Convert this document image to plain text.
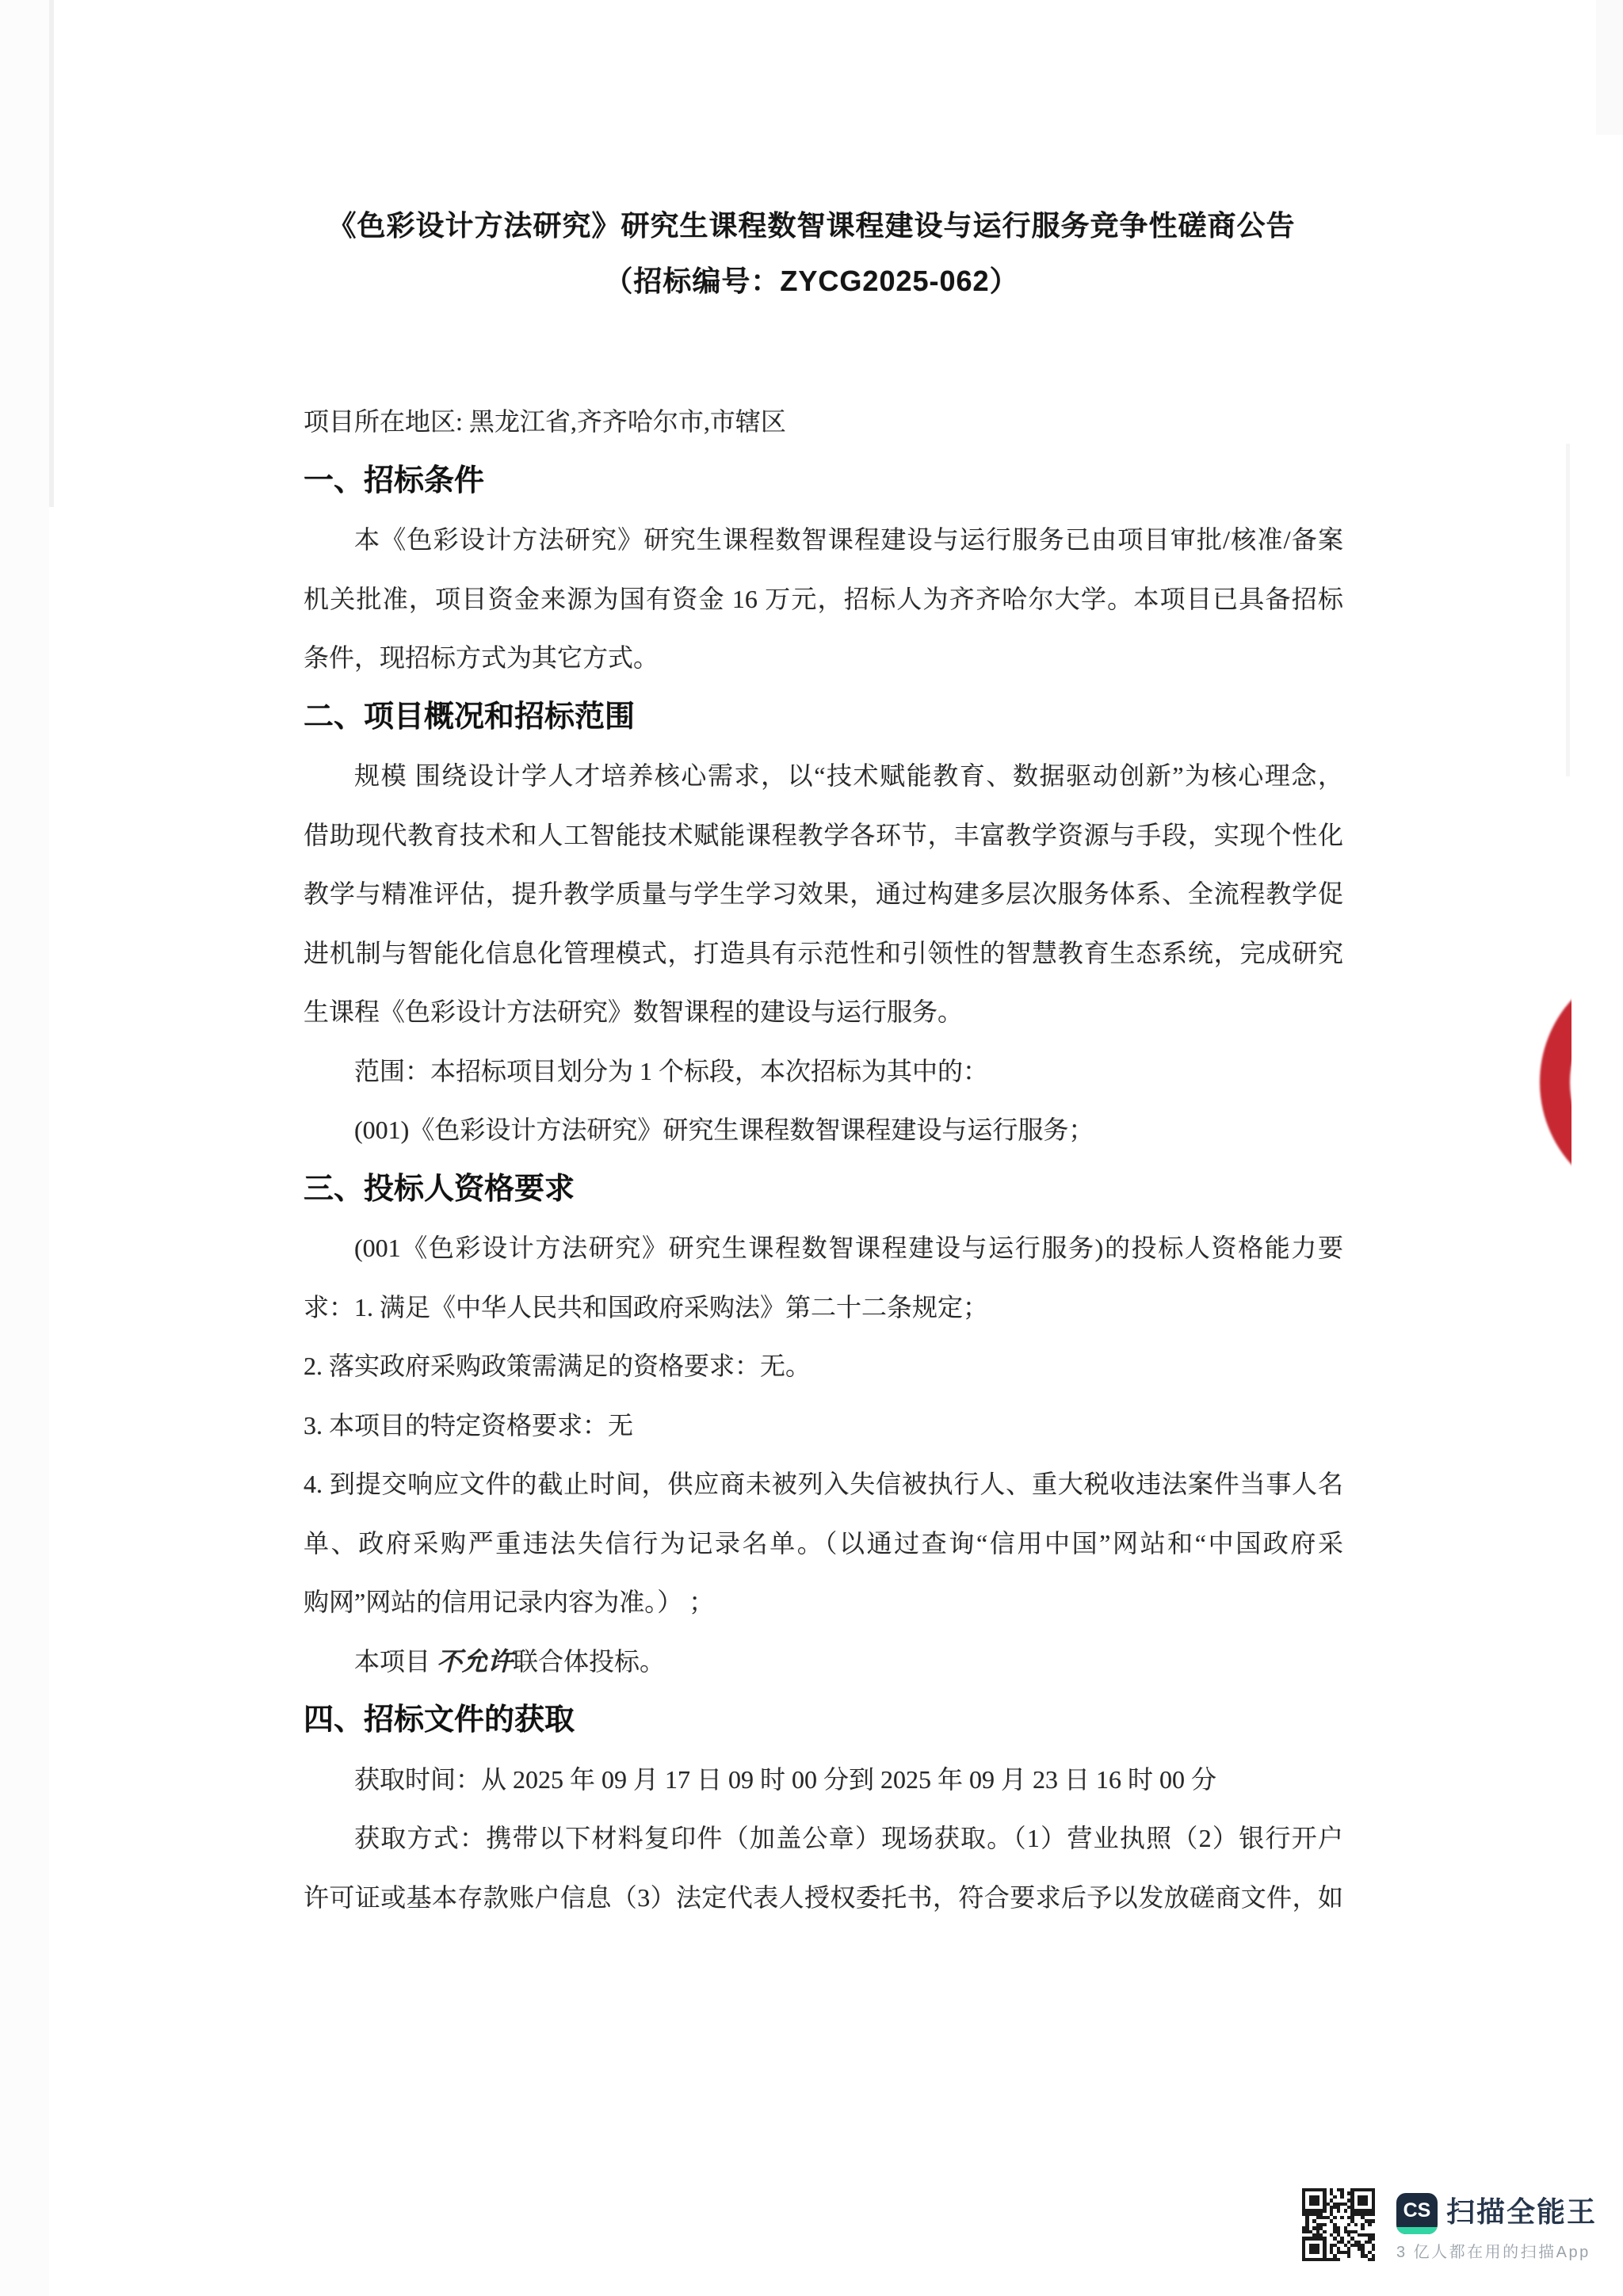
《色彩设计方法研究》研究生课程数智课程建设与运行服务竞争性磋商公告
（招标编号：ZYCG2025-062）
项目所在地区: 黑龙江省,齐齐哈尔市,市辖区
一、招标条件
本《色彩设计方法研究》研究生课程数智课程建设与运行服务已由项目审批/核准/备案
机关批准，项目资金来源为国有资金 16 万元，招标人为齐齐哈尔大学。本项目已具备招标
条件，现招标方式为其它方式。
二、项目概况和招标范围
规模 围绕设计学人才培养核心需求，以“技术赋能教育、数据驱动创新”为核心理念，
借助现代教育技术和人工智能技术赋能课程教学各环节，丰富教学资源与手段，实现个性化
教学与精准评估，提升教学质量与学生学习效果，通过构建多层次服务体系、全流程教学促
进机制与智能化信息化管理模式，打造具有示范性和引领性的智慧教育生态系统，完成研究
生课程《色彩设计方法研究》数智课程的建设与运行服务。
范围：本招标项目划分为 1 个标段，本次招标为其中的：
(001)《色彩设计方法研究》研究生课程数智课程建设与运行服务；
三、投标人资格要求
(001《色彩设计方法研究》研究生课程数智课程建设与运行服务)的投标人资格能力要
求：1. 满足《中华人民共和国政府采购法》第二十二条规定；
2. 落实政府采购政策需满足的资格要求：无。
3. 本项目的特定资格要求：无
4. 到提交响应文件的截止时间，供应商未被列入失信被执行人、重大税收违法案件当事人名
单、政府采购严重违法失信行为记录名单。（以通过查询“信用中国”网站和“中国政府采
购网”网站的信用记录内容为准。） ；
本项目 不允许联合体投标。
四、招标文件的获取
获取时间：从 2025 年 09 月 17 日 09 时 00 分到 2025 年 09 月 23 日 16 时 00 分
获取方式：携带以下材料复印件（加盖公章）现场获取。（1）营业执照（2）银行开户
许可证或基本存款账户信息（3）法定代表人授权委托书，符合要求后予以发放磋商文件，如
CS 扫描全能王
3 亿人都在用的扫描App
